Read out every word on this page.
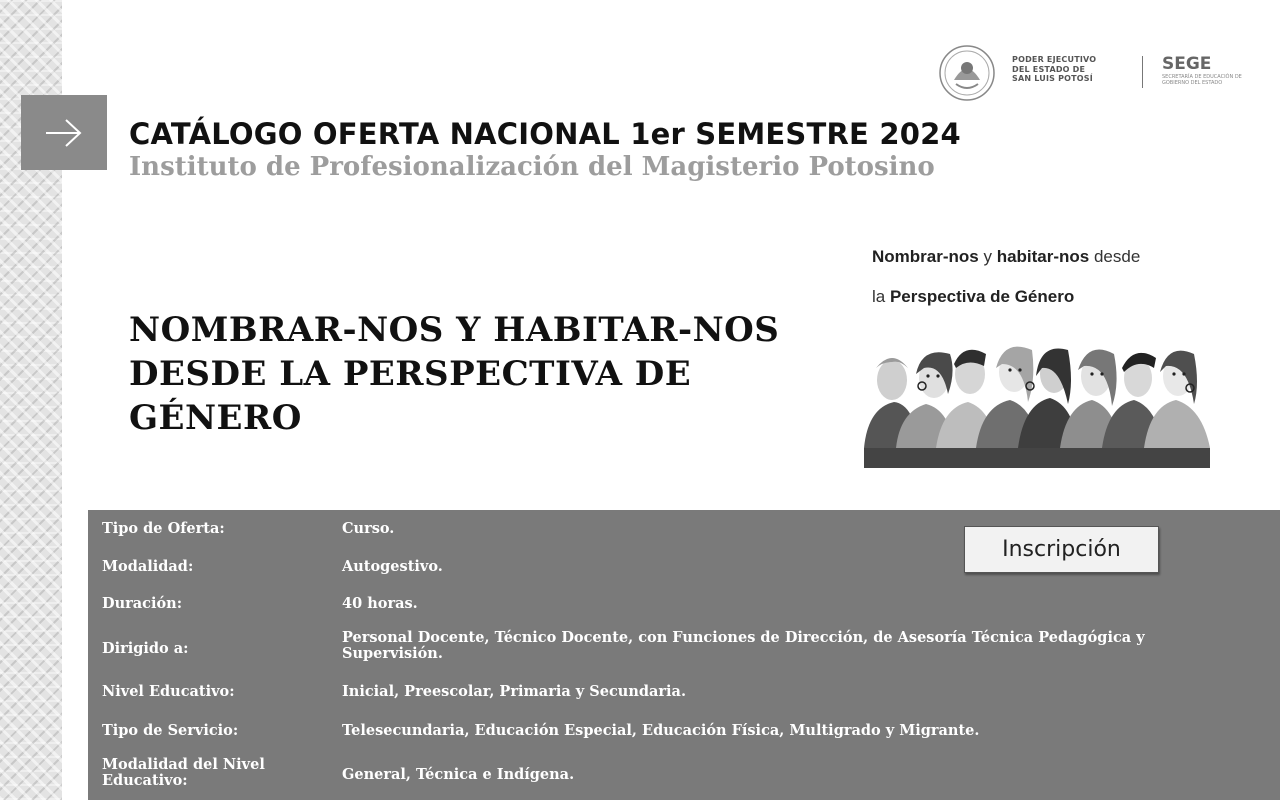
PODER EJECUTIVO
DEL ESTADO DE
SAN LUIS POTOSÍ
SEGE
SECRETARÍA DE EDUCACIÓN DE GOBIERNO DEL ESTADO
CATÁLOGO OFERTA NACIONAL 1er SEMESTRE 2024
Instituto de Profesionalización del Magisterio Potosino
NOMBRAR-NOS Y HABITAR-NOS DESDE LA PERSPECTIVA DE GÉNERO
Nombrar-nos y habitar-nos desde
la Perspectiva de Género
Tipo de Oferta:	Curso.
Modalidad:	Autogestivo.
Duración:	40 horas.
Dirigido a:
Personal Docente, Técnico Docente, con Funciones de Dirección, de Asesoría Técnica Pedagógica y Supervisión.
Nivel Educativo:	Inicial, Preescolar, Primaria y Secundaria.
Tipo de Servicio:	Telesecundaria, Educación Especial, Educación Física, Multigrado y Migrante.
Modalidad del Nivel Educativo:	General, Técnica e Indígena.
Inscripción
